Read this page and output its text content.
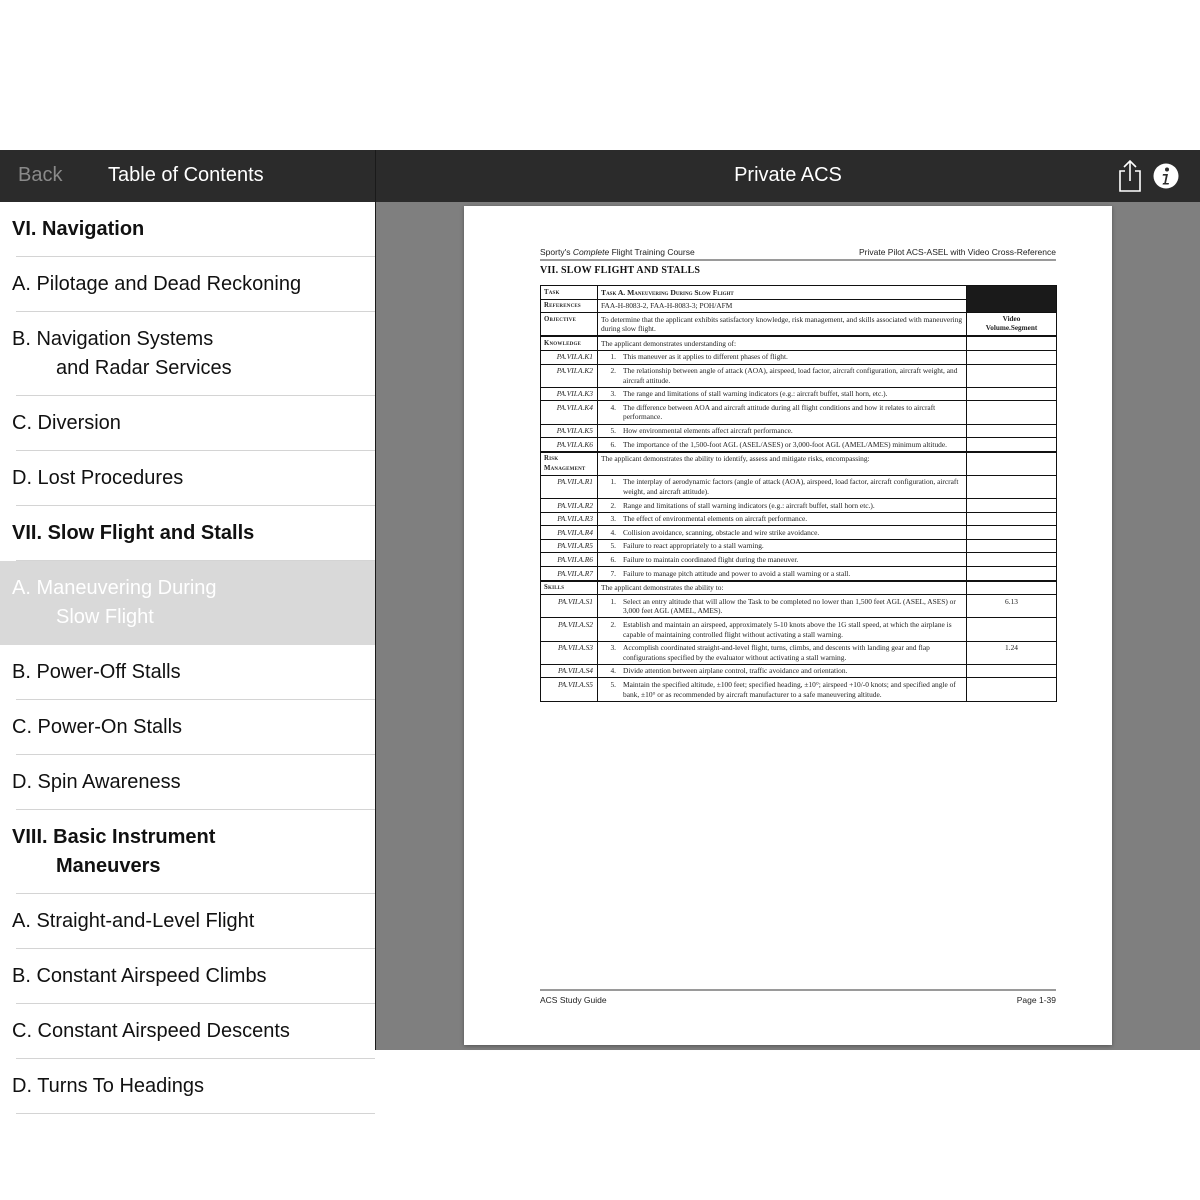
Back Table of Contents
VI. Navigation
A. Pilotage and Dead Reckoning
B. Navigation Systems
and Radar Services
C. Diversion
D. Lost Procedures
VII. Slow Flight and Stalls
A. Maneuvering During
Slow Flight
B. Power-Off Stalls
C. Power-On Stalls
D. Spin Awareness
VIII. Basic Instrument
Maneuvers
A. Straight-and-Level Flight
B. Constant Airspeed Climbs
C. Constant Airspeed Descents
D. Turns To Headings
Private ACS
Sporty's Complete Flight Training Course	Private Pilot ACS-ASEL with Video Cross-Reference
VII. SLOW FLIGHT AND STALLS
Task	Task A. Maneuvering During Slow Flight	
References	FAA-H-8083-2, FAA-H-8083-3; POH/AFM	
Objective	To determine that the applicant exhibits satisfactory knowledge, risk management, and skills associated with maneuvering during slow flight.	Video
Volume.Segment

Knowledge	The applicant demonstrates understanding of:	
PA.VII.A.K1	1. This maneuver as it applies to different phases of flight.	

PA.VII.A.K2	2. The relationship between angle of attack (AOA), airspeed, load factor, aircraft configuration, aircraft weight, and aircraft attitude.	

PA.VII.A.K3	3. The range and limitations of stall warning indicators (e.g.: aircraft buffet, stall horn, etc.).	

PA.VII.A.K4	4. The difference between AOA and aircraft attitude during all flight conditions and how it relates to aircraft performance.	

PA.VII.A.K5	5. How environmental elements affect aircraft performance.	

PA.VII.A.K6	6. The importance of the 1,500-foot AGL (ASEL/ASES) or 3,000-foot AGL (AMEL/AMES) minimum altitude.	

Risk
Management	The applicant demonstrates the ability to identify, assess and mitigate risks, encompassing:	
PA.VII.A.R1	1. The interplay of aerodynamic factors (angle of attack (AOA), airspeed, load factor, aircraft configuration, aircraft weight, and aircraft attitude).	

PA.VII.A.R2	2. Range and limitations of stall warning indicators (e.g.: aircraft buffet, stall horn etc.).	

PA.VII.A.R3	3. The effect of environmental elements on aircraft performance.	

PA.VII.A.R4	4. Collision avoidance, scanning, obstacle and wire strike avoidance.	

PA.VII.A.R5	5. Failure to react appropriately to a stall warning.	

PA.VII.A.R6	6. Failure to maintain coordinated flight during the maneuver.	

PA.VII.A.R7	7. Failure to manage pitch attitude and power to avoid a stall warning or a stall.	

Skills	The applicant demonstrates the ability to:	
PA.VII.A.S1	1. Select an entry altitude that will allow the Task to be completed no lower than 1,500 feet AGL (ASEL, ASES) or 3,000 feet AGL (AMEL, AMES).	6.13
PA.VII.A.S2	2. Establish and maintain an airspeed, approximately 5-10 knots above the 1G stall speed, at which the airplane is capable of maintaining controlled flight without activating a stall warning.	

PA.VII.A.S3	3. Accomplish coordinated straight-and-level flight, turns, climbs, and descents with landing gear and flap configurations specified by the evaluator without activating a stall warning.	1.24
PA.VII.A.S4	4. Divide attention between airplane control, traffic avoidance and orientation.	

PA.VII.A.S5	5. Maintain the specified altitude, ±100 feet; specified heading, ±10°; airspeed +10/-0 knots; and specified angle of bank, ±10° or as recommended by aircraft manufacturer to a safe maneuvering altitude.	

ACS Study Guide	Page 1-39
